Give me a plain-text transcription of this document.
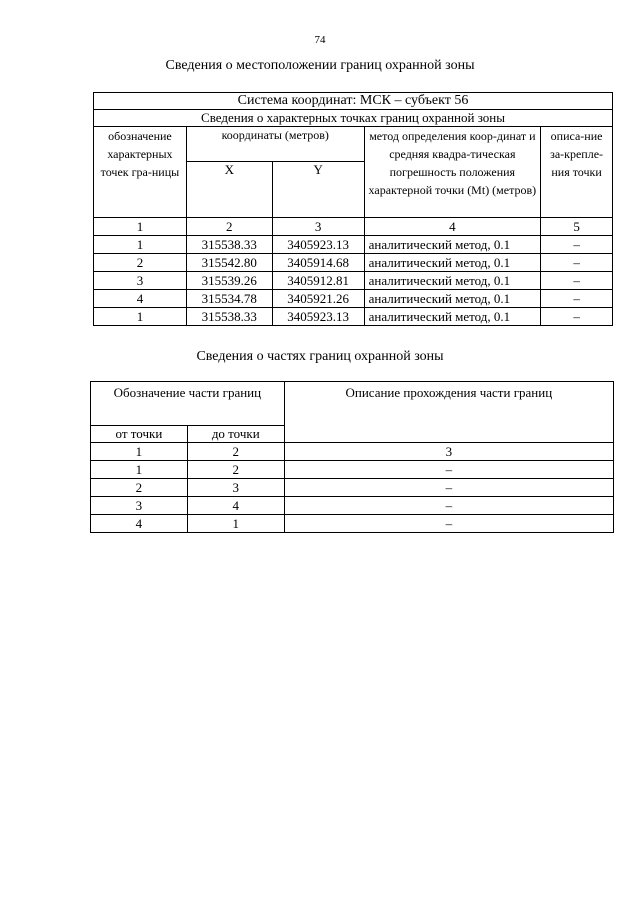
74
Сведения о местоположении границ охранной зоны
Система координат: МСК – субъект 56				
Сведения о характерных точках границ охранной зоны				
обозначение характерных точек гра-ницы	координаты (метров)		метод определения коор-динат и средняя квадра-тическая погрешность положения характерной точки (Mt) (метров)	описа-ние за-крепле-ния точки
	X	Y		
1	2	3	4	5
1	315538.33	3405923.13	аналитический метод, 0.1	–
2	315542.80	3405914.68	аналитический метод, 0.1	–
3	315539.26	3405912.81	аналитический метод, 0.1	–
4	315534.78	3405921.26	аналитический метод, 0.1	–
1	315538.33	3405923.13	аналитический метод, 0.1	–
Сведения о частях границ охранной зоны
Обозначение части границ		Описание прохождения части границ
от точки	до точки	
1	2	3
1	2	–
2	3	–
3	4	–
4	1	–
